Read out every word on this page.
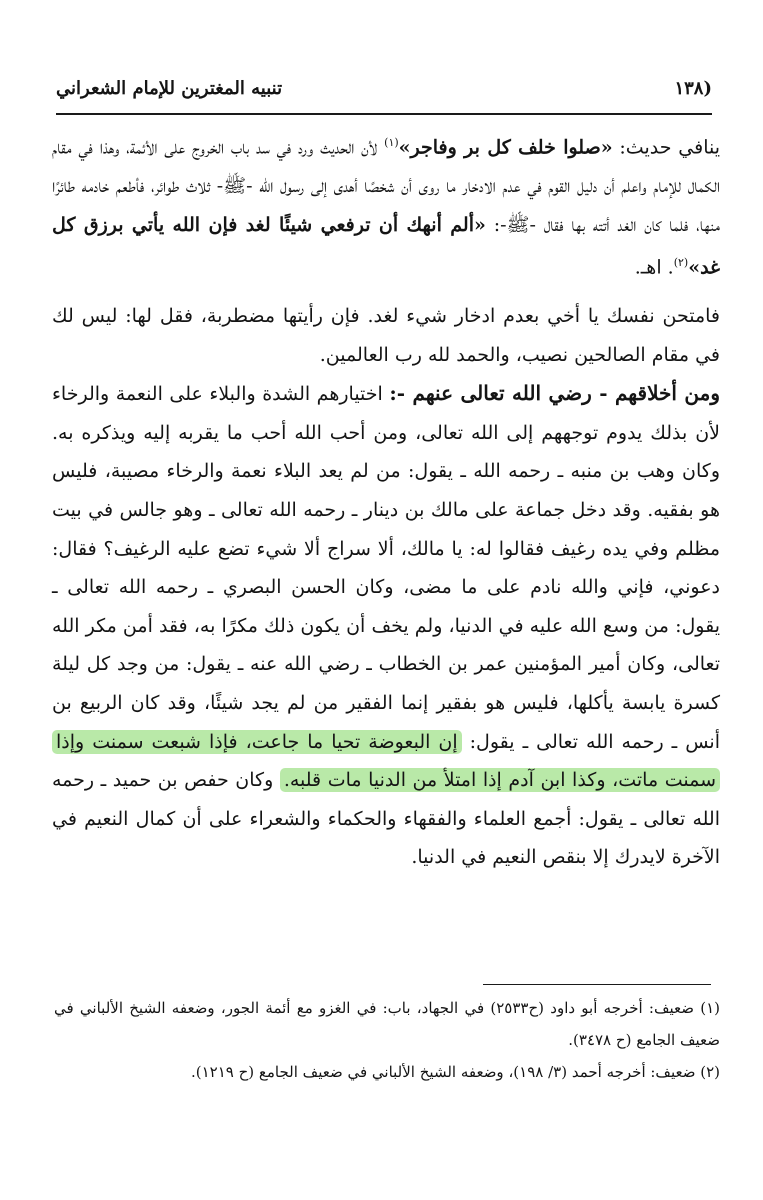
(١٣٨
تنبيه المغترين للإمام الشعراني

ينافي حديث: «صلوا خلف كل بر وفاجر»$^{(١)}$ لأن الحديث ورد في سد باب الخروج على الأئمة، وهذا في مقام الكمال للإمام واعلم أن دليل القوم في عدم الادخار ما روى أن شخصًا أهدى إلى رسول الله -ﷺ- ثلاث طوائر، فأطعم خادمه طائرًا منها، فلما كان الغد أتته بها فقال -ﷺ-: «ألم أنهك أن ترفعي شيئًا لغد فإن الله يأتي برزق كل غد»$^{(٢)}$. اهـ.

فامتحن نفسك يا أخي بعدم ادخار شيء لغد. فإن رأيتها مضطربة، فقل لها: ليس لك في مقام الصالحين نصيب، والحمد لله رب العالمين.

ومن أخلاقهم - رضي الله تعالى عنهم -: اختيارهم الشدة والبلاء على النعمة والرخاء لأن بذلك يدوم توجههم إلى الله تعالى، ومن أحب الله أحب ما يقربه إليه ويذكره به. وكان وهب بن منبه ـ رحمه الله ـ يقول: من لم يعد البلاء نعمة والرخاء مصيبة، فليس هو بفقيه. وقد دخل جماعة على مالك بن دينار ـ رحمه الله تعالى ـ وهو جالس في بيت مظلم وفي يده رغيف فقالوا له: يا مالك، ألا سراج ألا شيء تضع عليه الرغيف؟ فقال: دعوني، فإني والله نادم على ما مضى، وكان الحسن البصري ـ رحمه الله تعالى ـ يقول: من وسع الله عليه في الدنيا، ولم يخف أن يكون ذلك مكرًا به، فقد أمن مكر الله تعالى، وكان أمير المؤمنين عمر بن الخطاب ـ رضي الله عنه ـ يقول: من وجد كل ليلة كسرة يابسة يأكلها، فليس هو بفقير إنما الفقير من لم يجد شيئًا، وقد كان الربيع بن أنس ـ رحمه الله تعالى ـ يقول: إن البعوضة تحيا ما جاعت، فإذا شبعت سمنت وإذا سمنت ماتت، وكذا ابن آدم إذا امتلأ من الدنيا مات قلبه. وكان حفص بن حميد ـ رحمه الله تعالى ـ يقول: أجمع العلماء والفقهاء والحكماء والشعراء على أن كمال النعيم في الآخرة لايدرك إلا بنقص النعيم في الدنيا.

(١) ضعيف: أخرجه أبو داود (ح٢٥٣٣) في الجهاد، باب: في الغزو مع أئمة الجور، وضعفه الشيخ الألباني في ضعيف الجامع (ح ٣٤٧٨).

(٢) ضعيف: أخرجه أحمد (٣/ ١٩٨)، وضعفه الشيخ الألباني في ضعيف الجامع (ح ١٢١٩).
